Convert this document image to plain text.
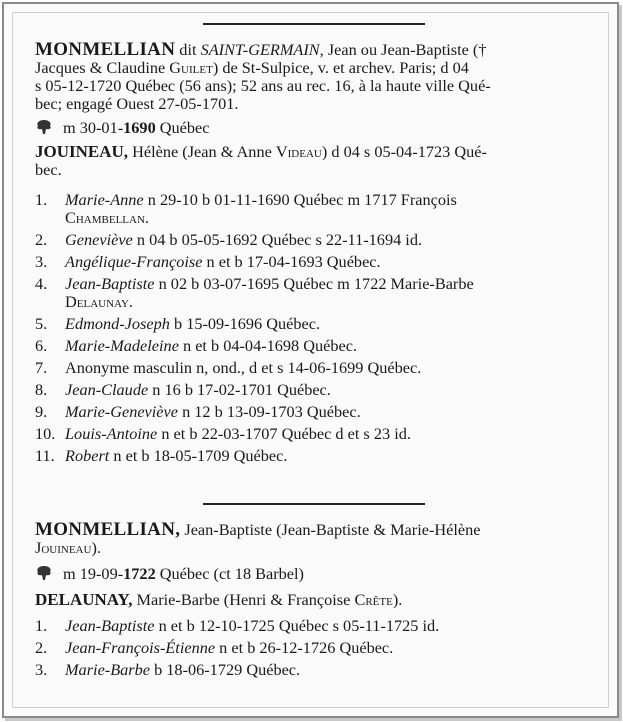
MONMELLIAN dit SAINT-GERMAIN, Jean ou Jean-Baptiste (†
Jacques & Claudine Guilet) de St-Sulpice, v. et archev. Paris; d 04
s 05-12-1720 Québec (56 ans); 52 ans au rec. 16, à la haute ville Qué-
bec; engagé Ouest 27-05-1701.
m 30-01-1690 Québec
JOUINEAU, Hélène (Jean & Anne Videau) d 04 s 05-04-1723 Qué-
bec.
1. Marie-Anne n 29-10 b 01-11-1690 Québec m 1717 François
Chambellan.
2. Geneviève n 04 b 05-05-1692 Québec s 22-11-1694 id.
3. Angélique-Françoise n et b 17-04-1693 Québec.
4. Jean-Baptiste n 02 b 03-07-1695 Québec m 1722 Marie-Barbe
Delaunay.
5. Edmond-Joseph b 15-09-1696 Québec.
6. Marie-Madeleine n et b 04-04-1698 Québec.
7. Anonyme masculin n, ond., d et s 14-06-1699 Québec.
8. Jean-Claude n 16 b 17-02-1701 Québec.
9. Marie-Geneviève n 12 b 13-09-1703 Québec.
10. Louis-Antoine n et b 22-03-1707 Québec d et s 23 id.
11. Robert n et b 18-05-1709 Québec.
MONMELLIAN, Jean-Baptiste (Jean-Baptiste & Marie-Hélène
Jouineau).
m 19-09-1722 Québec (ct 18 Barbel)
DELAUNAY, Marie-Barbe (Henri & Françoise Crête).
1. Jean-Baptiste n et b 12-10-1725 Québec s 05-11-1725 id.
2. Jean-François-Étienne n et b 26-12-1726 Québec.
3. Marie-Barbe b 18-06-1729 Québec.
